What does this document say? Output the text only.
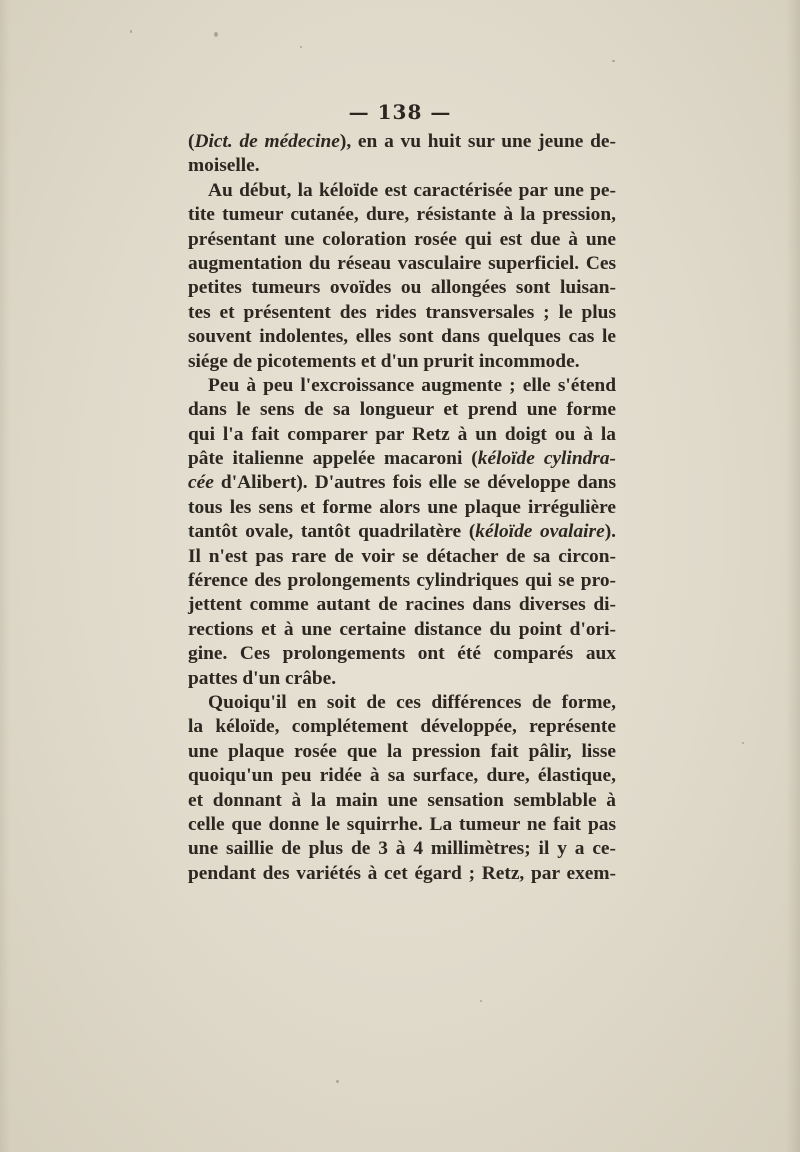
— 138 —
(Dict. de médecine), en a vu huit sur une jeune de-
moiselle.
Au début, la kéloïde est caractérisée par une pe-
tite tumeur cutanée, dure, résistante à la pression,
présentant une coloration rosée qui est due à une
augmentation du réseau vasculaire superficiel. Ces
petites tumeurs ovoïdes ou allongées sont luisan-
tes et présentent des rides transversales ; le plus
souvent indolentes, elles sont dans quelques cas le
siége de picotements et d'un prurit incommode.
Peu à peu l'excroissance augmente ; elle s'étend
dans le sens de sa longueur et prend une forme
qui l'a fait comparer par Retz à un doigt ou à la
pâte italienne appelée macaroni (kéloïde cylindra-
cée d'Alibert). D'autres fois elle se développe dans
tous les sens et forme alors une plaque irrégulière
tantôt ovale, tantôt quadrilatère (kéloïde ovalaire).
Il n'est pas rare de voir se détacher de sa circon-
férence des prolongements cylindriques qui se pro-
jettent comme autant de racines dans diverses di-
rections et à une certaine distance du point d'ori-
gine. Ces prolongements ont été comparés aux
pattes d'un crâbe.
Quoiqu'il en soit de ces différences de forme,
la kéloïde, complétement développée, représente
une plaque rosée que la pression fait pâlir, lisse
quoiqu'un peu ridée à sa surface, dure, élastique,
et donnant à la main une sensation semblable à
celle que donne le squirrhe. La tumeur ne fait pas
une saillie de plus de 3 à 4 millimètres; il y a ce-
pendant des variétés à cet égard ; Retz, par exem-
